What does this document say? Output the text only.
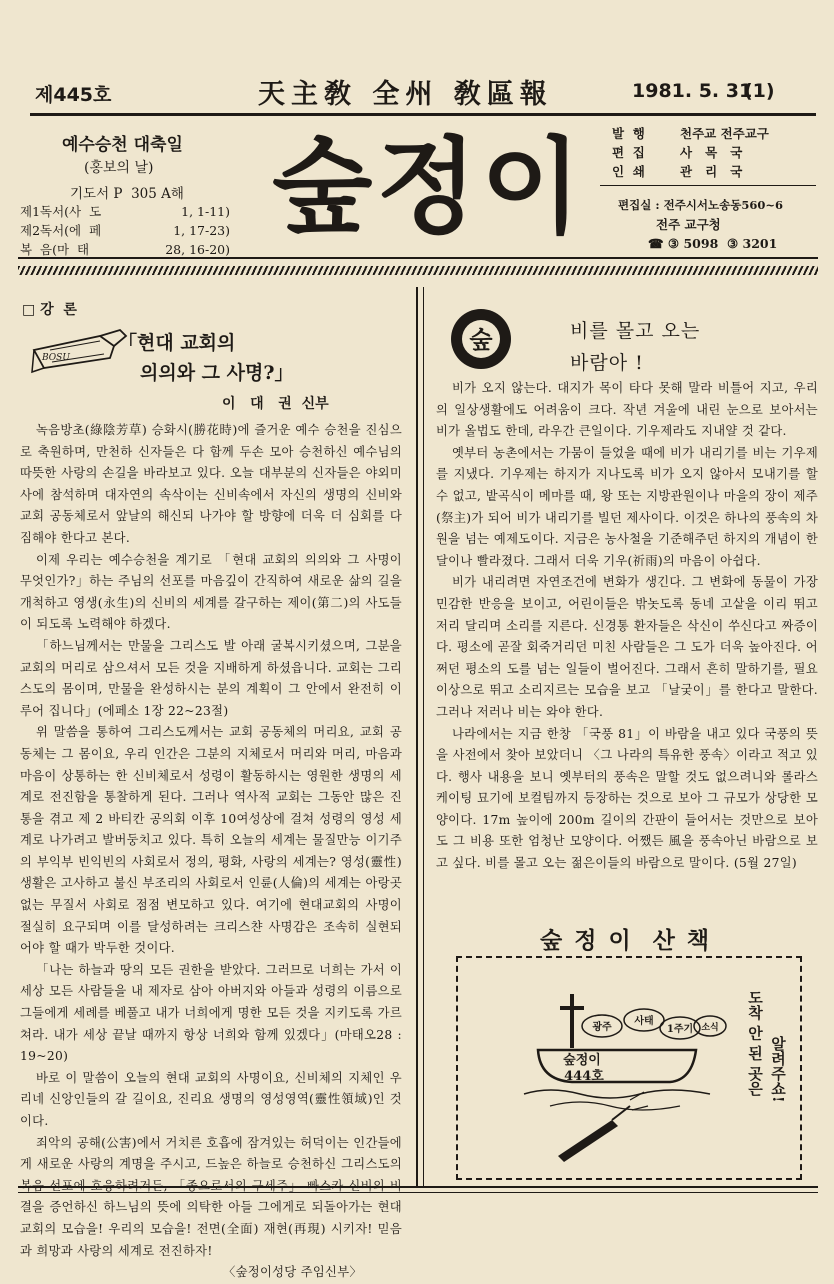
제445호	天主敎 全州 敎區報	1981. 5. 31
(1)
예수승천 대축일
(홍보의 날)
기도서 P  305 A해
제1독서(사  도	1, 1-11)
제2독서(에  페	1, 17-23)
복  음(마  태	28, 16-20)
숲정이 발  행	천주교 전주교구
편  집	사   목   국
인  쇄	관   리   국
편집실 : 전주시서노송동560~6
전주 교구청
☎ ③ 5098  ③ 3201
□ 강  론
BOSU
「현대 교회의
의의와 그 사명?」
이   대   권  신부

녹음방초(綠陰芳草) 승화시(勝花時)에 즐거운 예수 승천을 진심으로 축원하며, 만천하 신자들은 다 함께 두손 모아 승천하신 예수님의 따뜻한 사랑의 손길을 바라보고 있다. 오늘 대부분의 신자들은 야외미사에 참석하며 대자연의 속삭이는 신비속에서 자신의 생명의 신비와 교회 공동체로서 앞날의 해신되 나가야 할 방향에 더욱 더 심회를 다짐해야 한다고 본다.

이제 우리는 예수승천을 계기로 「현대 교회의 의의와 그 사명이 무엇인가?」하는 주님의 선포를 마음깊이 간직하여 새로운 삶의 길을 개척하고 영생(永生)의 신비의 세계를 갈구하는 제이(第二)의 사도들이 되도록 노력해야 하겠다.

「하느님께서는 만물을 그리스도 발 아래 굴복시키셨으며, 그분을 교회의 머리로 삼으셔서 모든 것을 지배하게 하셨읍니다. 교회는 그리스도의 몸이며, 만물을 완성하시는 분의 계획이 그 안에서 완전히 이루어 집니다」(에페소 1장 22~23절)

위 말씀을 통하여 그리스도께서는 교회 공동체의 머리요, 교회 공동체는 그 몸이요, 우리 인간은 그분의 지체로서 머리와 머리, 마음과 마음이 상통하는 한 신비체로서 성령이 활동하시는 영원한 생명의 세계로 전진함을 통찰하게 된다. 그러나 역사적 교회는 그동안 많은 진통을 겪고 제 2 바티칸 공의회 이후 10여성상에 걸쳐 성령의 영성 세계로 나가려고 발버둥치고 있다. 특히 오늘의 세계는 물질만능 이기주의 부익부 빈익빈의 사회로서 정의, 평화, 사랑의 세계는? 영성(靈性) 생활은 고사하고 불신 부조리의 사회로서 인륜(人倫)의 세계는 아랑곳 없는 무질서 사회로 점점 변모하고 있다. 여기에 현대교회의 사명이 절실히 요구되며 이를 달성하려는 크리스챤 사명감은 조속히 실현되어야 할 때가 박두한 것이다.

「나는 하늘과 땅의 모든 권한을 받았다. 그러므로 너희는 가서 이 세상 모든 사람들을 내 제자로 삼아 아버지와 아들과 성령의 이름으로 그들에게 세례를 베풀고 내가 너희에게 명한 모든 것을 지키도록 가르쳐라. 내가 세상 끝날 때까지 항상 너희와 함께 있겠다」(마태오28 : 19~20)

바로 이 말씀이 오늘의 현대 교회의 사명이요, 신비체의 지체인 우리네 신앙인들의 갈 길이요, 진리요 생명의 영성영역(靈性領域)인 것이다.

죄악의 공해(公害)에서 거치른 호흡에 잠겨있는 허덕이는 인간들에게 새로운 사랑의 계명을 주시고, 드높은 하늘로 승천하신 그리스도의 결을 증언하신 하느님의 뜻에 의탁한 아들 그에게로 되돌아가는 현대교회의 모습을! 우리의 모습을! 전면(全面) 재현(再現) 시키자! 믿음과 희망과 사랑의 세계로 전진하자!

〈숲정이성당 주임신부〉
숲	비를 몰고 오는
바람아 !

비가 오지 않는다. 대지가 목이 타다 못해 말라 비틀어 지고, 우리의 일상생활에도 어려움이 크다. 작년 겨울에 내린 눈으로 보아서는 비가 올법도 한데, 라우간 큰일이다. 기우제라도 지내얄 것 같다.

옛부터 농촌에서는 가뭄이 들었을 때에 비가 내리기를 비는 기우제를 지냈다. 기우제는 하지가 지나도록 비가 오지 않아서 모내기를 할 수 없고, 밭곡식이 메마를 때, 왕 또는 지방관원이나 마을의 장이 제주(祭主)가 되어 비가 내리기를 빌던 제사이다. 이것은 하나의 풍속의 차원을 넘는 예제도이다. 지금은 농사철을 기준해주던 하지의 개념이 한 달이나 빨라졌다. 그래서 더욱 기우(祈雨)의 마음이 아쉽다.

비가 내리려면 자연조건에 변화가 생긴다. 그 변화에 동물이 가장 민감한 반응을 보이고, 어린이들은 밖놋도록 동네 고샅을 이리 뛰고 저리 달리며 소리를 지른다. 신경통 환자들은 삭신이 쑤신다고 짜증이다. 평소에 곧잘 회죽거리던 미친 사람들은 그 도가 더욱 높아진다. 어쩌던 평소의 도를 넘는 일들이 벌어진다. 그래서 흔히 말하기를, 필요 이상으로 뛰고 소리지르는 모습을 보고 「날궂이」를 한다고 말한다. 그러나 저러나 비는 와야 한다.

나라에서는 지금 한창 「국풍 81」이 바람을 내고 있다 국풍의 뜻을 사전에서 찾아 보았더니 〈그 나라의 특유한 풍속〉이라고 적고 있다. 행사 내용을 보니 옛부터의 풍속은 말할 것도 없으려니와 롤라스케이팅 묘기에 보컬팀까지 등장하는 것으로 보아 그 규모가 상당한 모양이다. 17m 높이에 200m 길이의 간판이 들어서는 것만으로 보아도 그 비용 또한 엄청난 모양이다. 어쨌든 風을 풍속아닌 바람으로 보고 싶다. 비를 몰고 오는 젊은이들의 바람으로 말이다. (5월 27일)

숲 정 이  산 책
광주
사태
1주기 소식
숲정이
444호	도착 안 된 곳은 알려주쇼!
